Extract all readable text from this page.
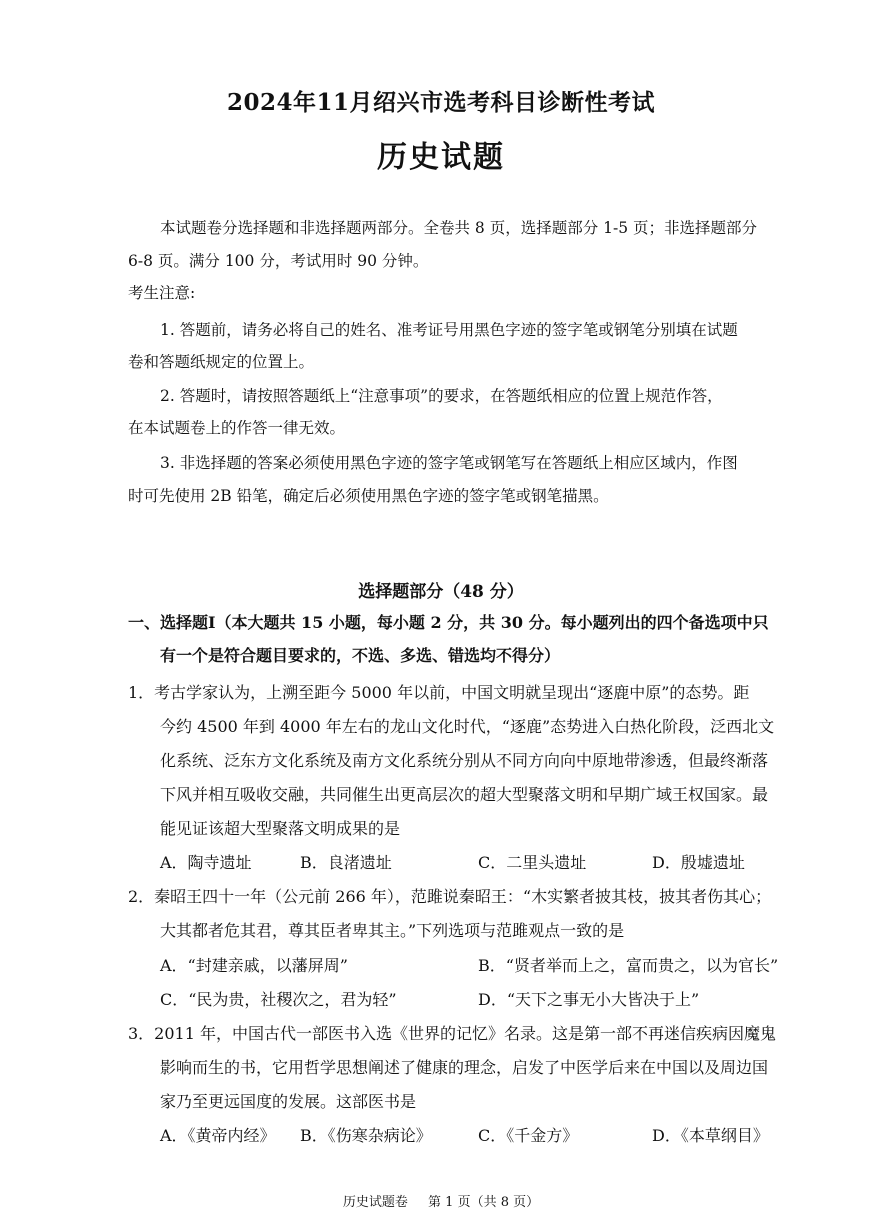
2024年11月绍兴市选考科目诊断性考试
历史试题
本试题卷分选择题和非选择题两部分。全卷共 8 页，选择题部分 1-5 页；非选择题部分
6-8 页。满分 100 分，考试用时 90 分钟。
考生注意:
1. 答题前，请务必将自己的姓名、准考证号用黑色字迹的签字笔或钢笔分别填在试题
卷和答题纸规定的位置上。
2. 答题时，请按照答题纸上“注意事项”的要求，在答题纸相应的位置上规范作答，
在本试题卷上的作答一律无效。
3. 非选择题的答案必须使用黑色字迹的签字笔或钢笔写在答题纸上相应区域内，作图
时可先使用 2B 铅笔，确定后必须使用黑色字迹的签字笔或钢笔描黑。
选择题部分（48 分）
一、选择题Ⅰ（本大题共 15 小题，每小题 2 分，共 30 分。每小题列出的四个备选项中只
有一个是符合题目要求的，不选、多选、错选均不得分）
1．考古学家认为，上溯至距今 5000 年以前，中国文明就呈现出“逐鹿中原”的态势。距
今约 4500 年到 4000 年左右的龙山文化时代，“逐鹿”态势进入白热化阶段，泛西北文
化系统、泛东方文化系统及南方文化系统分别从不同方向向中原地带渗透，但最终渐落
下风并相互吸收交融，共同催生出更高层次的超大型聚落文明和早期广域王权国家。最
能见证该超大型聚落文明成果的是
A．陶寺遗址	B．良渚遗址	C．二里头遗址	D．殷墟遗址
2．秦昭王四十一年（公元前 266 年），范雎说秦昭王：“木实繁者披其枝，披其者伤其心；
大其都者危其君，尊其臣者卑其主。”下列选项与范雎观点一致的是
A．“封建亲戚，以藩屏周”	B．“贤者举而上之，富而贵之，以为官长”
C．“民为贵，社稷次之，君为轻”	D．“天下之事无小大皆决于上”
3．2011 年，中国古代一部医书入选《世界的记忆》名录。这是第一部不再迷信疾病因魔鬼
影响而生的书，它用哲学思想阐述了健康的理念，启发了中医学后来在中国以及周边国
家乃至更远国度的发展。这部医书是
A．《黄帝内经》 B．《伤寒杂病论》	C．《千金方》	D．《本草纲目》
历史试题卷 第 1 页（共 8 页）
